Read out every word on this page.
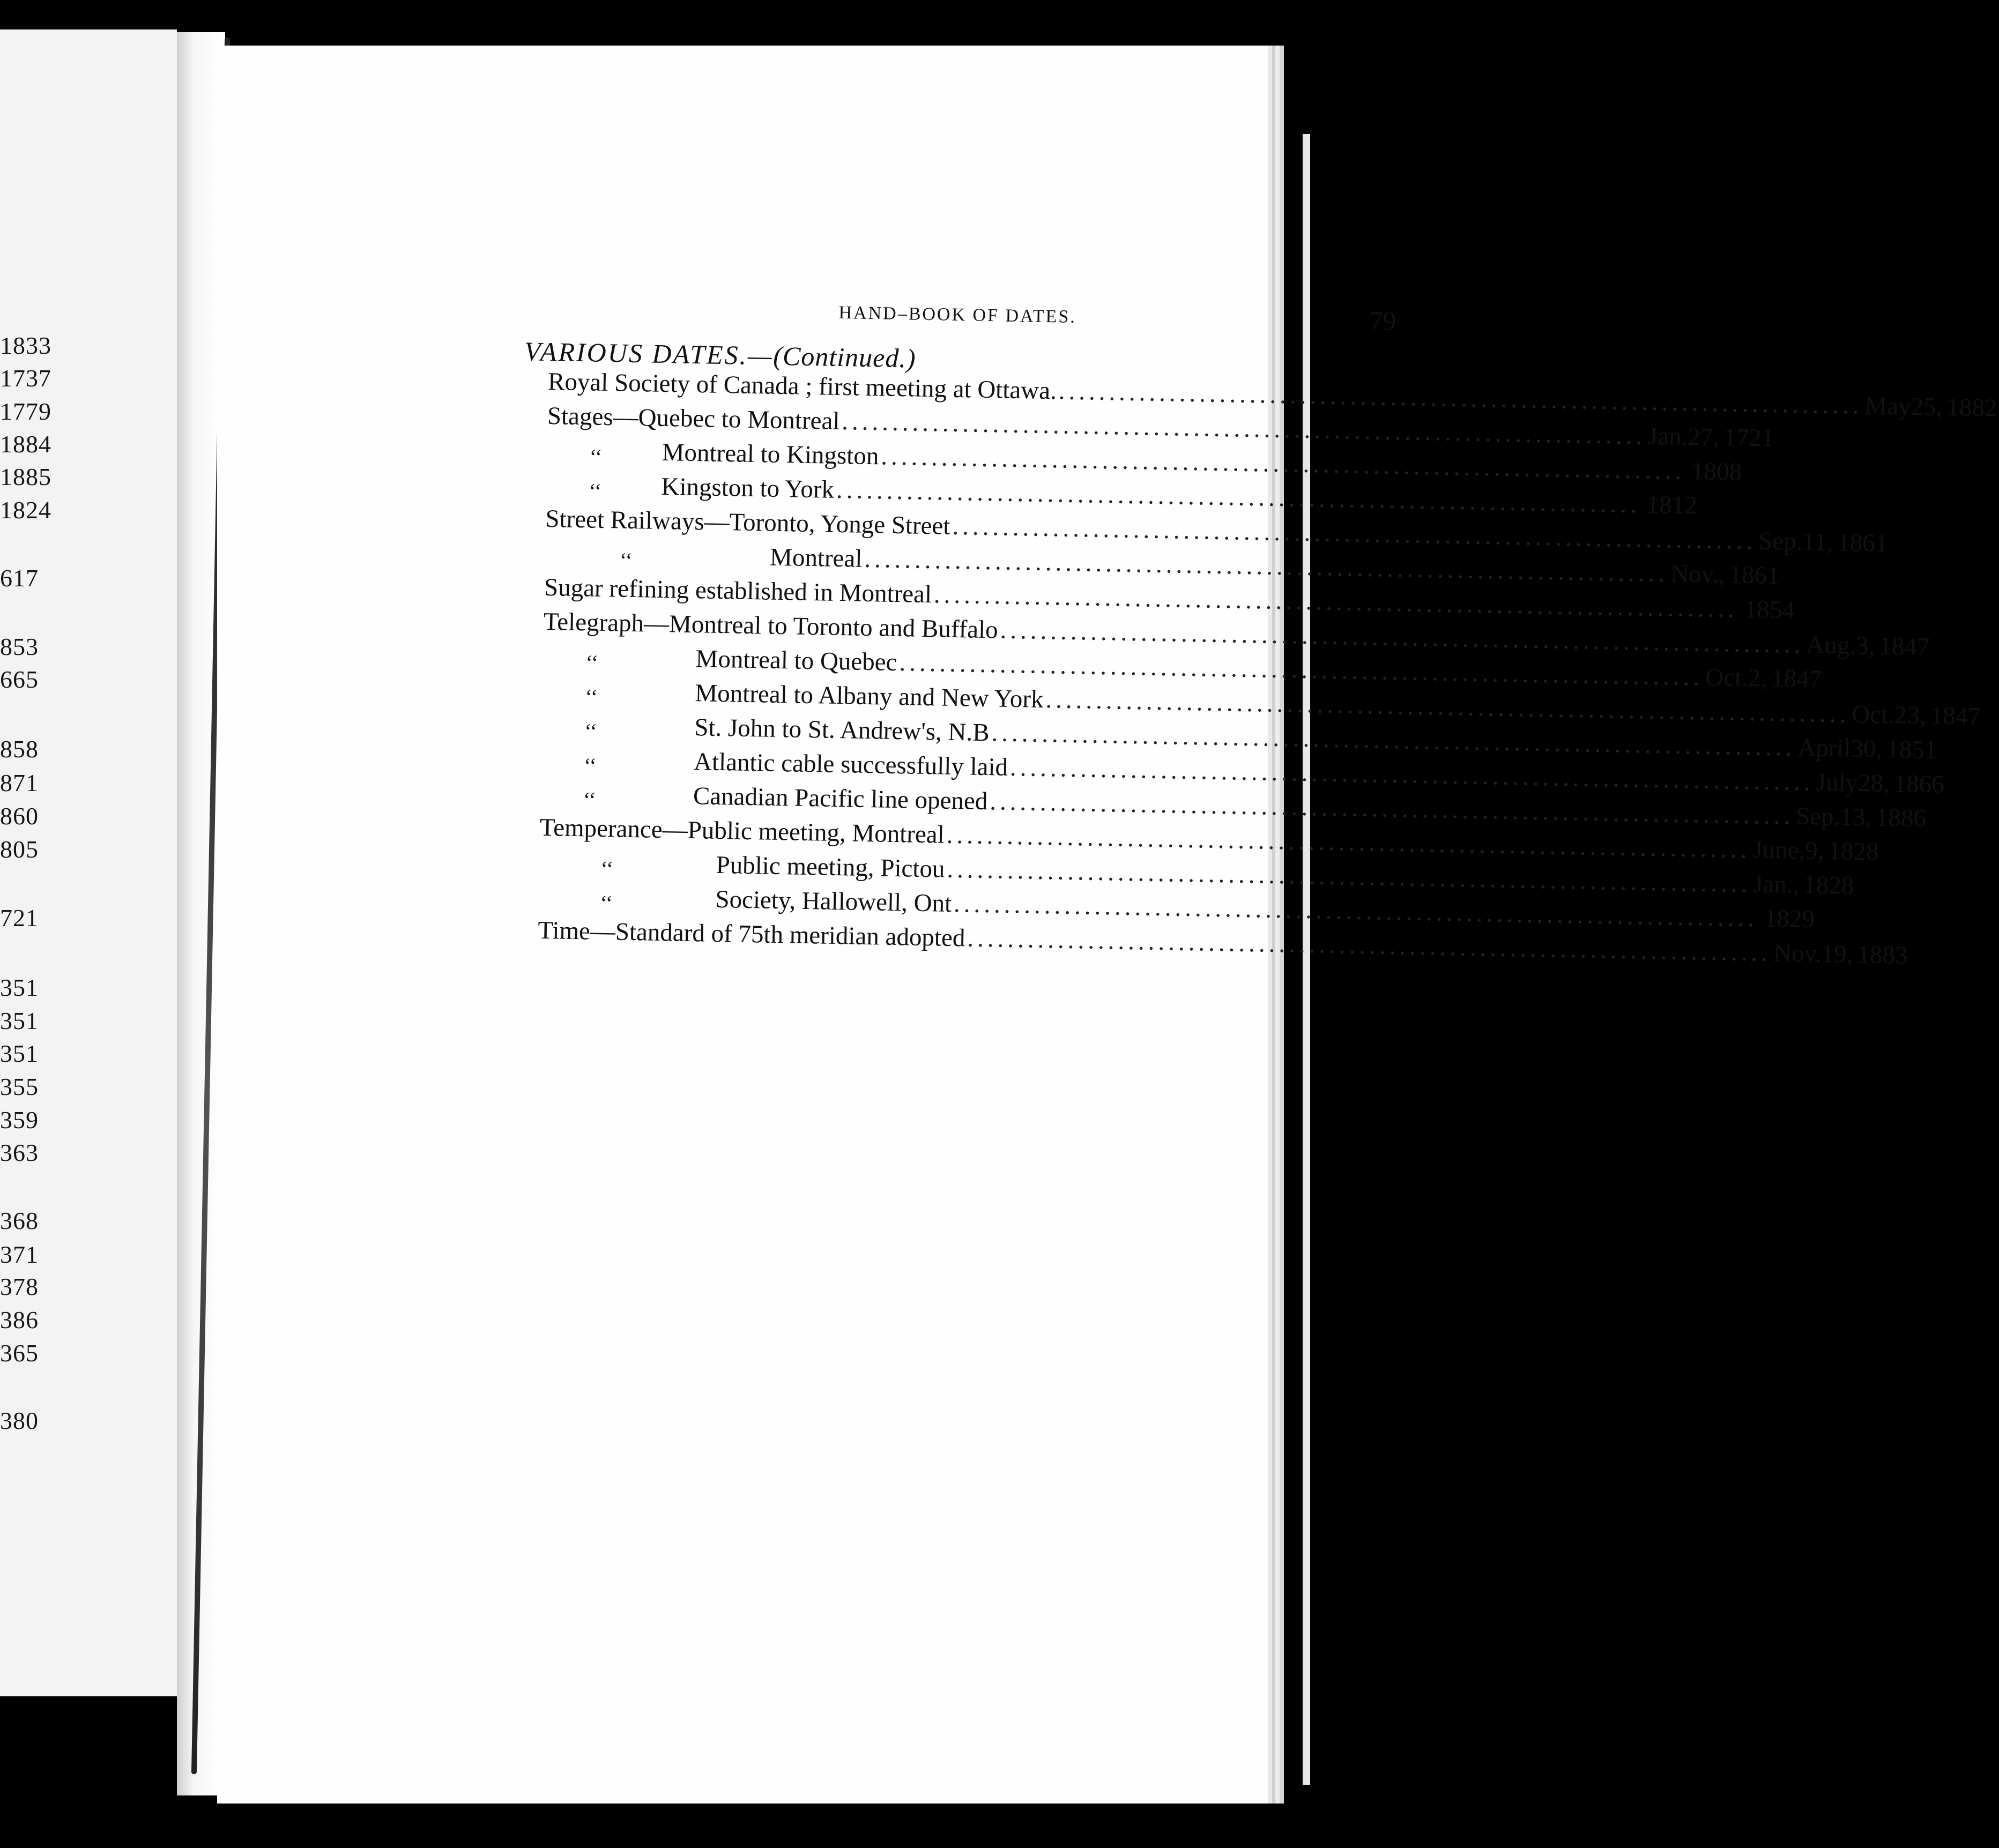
1833
1737
1779
1884
1885
1824
617
853
665
858
871
860
805
721
351
351
351
355
359
363
368
371
378
386
365
380
HAND–BOOK OF DATES.	79
VARIOUS DATES.—(Continued.)
Royal Society of Canada ; first meeting at Ottawa. ................................................................................ May 25, 1882
Stages—Quebec to Montreal ................................................................................ Jan. 27, 1721
‘‘ Montreal to Kingston ................................................................................ 1808
‘‘ Kingston to York ................................................................................ 1812
Street Railways—Toronto, Yonge Street ................................................................................ Sep. 11, 1861
‘‘	Montreal ................................................................................ Nov., 1861
Sugar refining established in Montreal ................................................................................ 1854
Telegraph—Montreal to Toronto and Buffalo ................................................................................ Aug. 3, 1847
‘‘	Montreal to Quebec ................................................................................ Oct. 2, 1847
‘‘	Montreal to Albany and New York ................................................................................ Oct. 23, 1847
‘‘	St. John to St. Andrew's, N.B ................................................................................ April 30, 1851
‘‘	Atlantic cable successfully laid ................................................................................ July 28, 1866
‘‘	Canadian Pacific line opened ................................................................................ Sep. 13, 1886
Temperance—Public meeting, Montreal ................................................................................ June, 9, 1828
‘‘	Public meeting, Pictou ................................................................................ Jan., 1828
‘‘	Society, Hallowell, Ont ................................................................................ 1829
Time—Standard of 75th meridian adopted ................................................................................ Nov. 19, 1883
